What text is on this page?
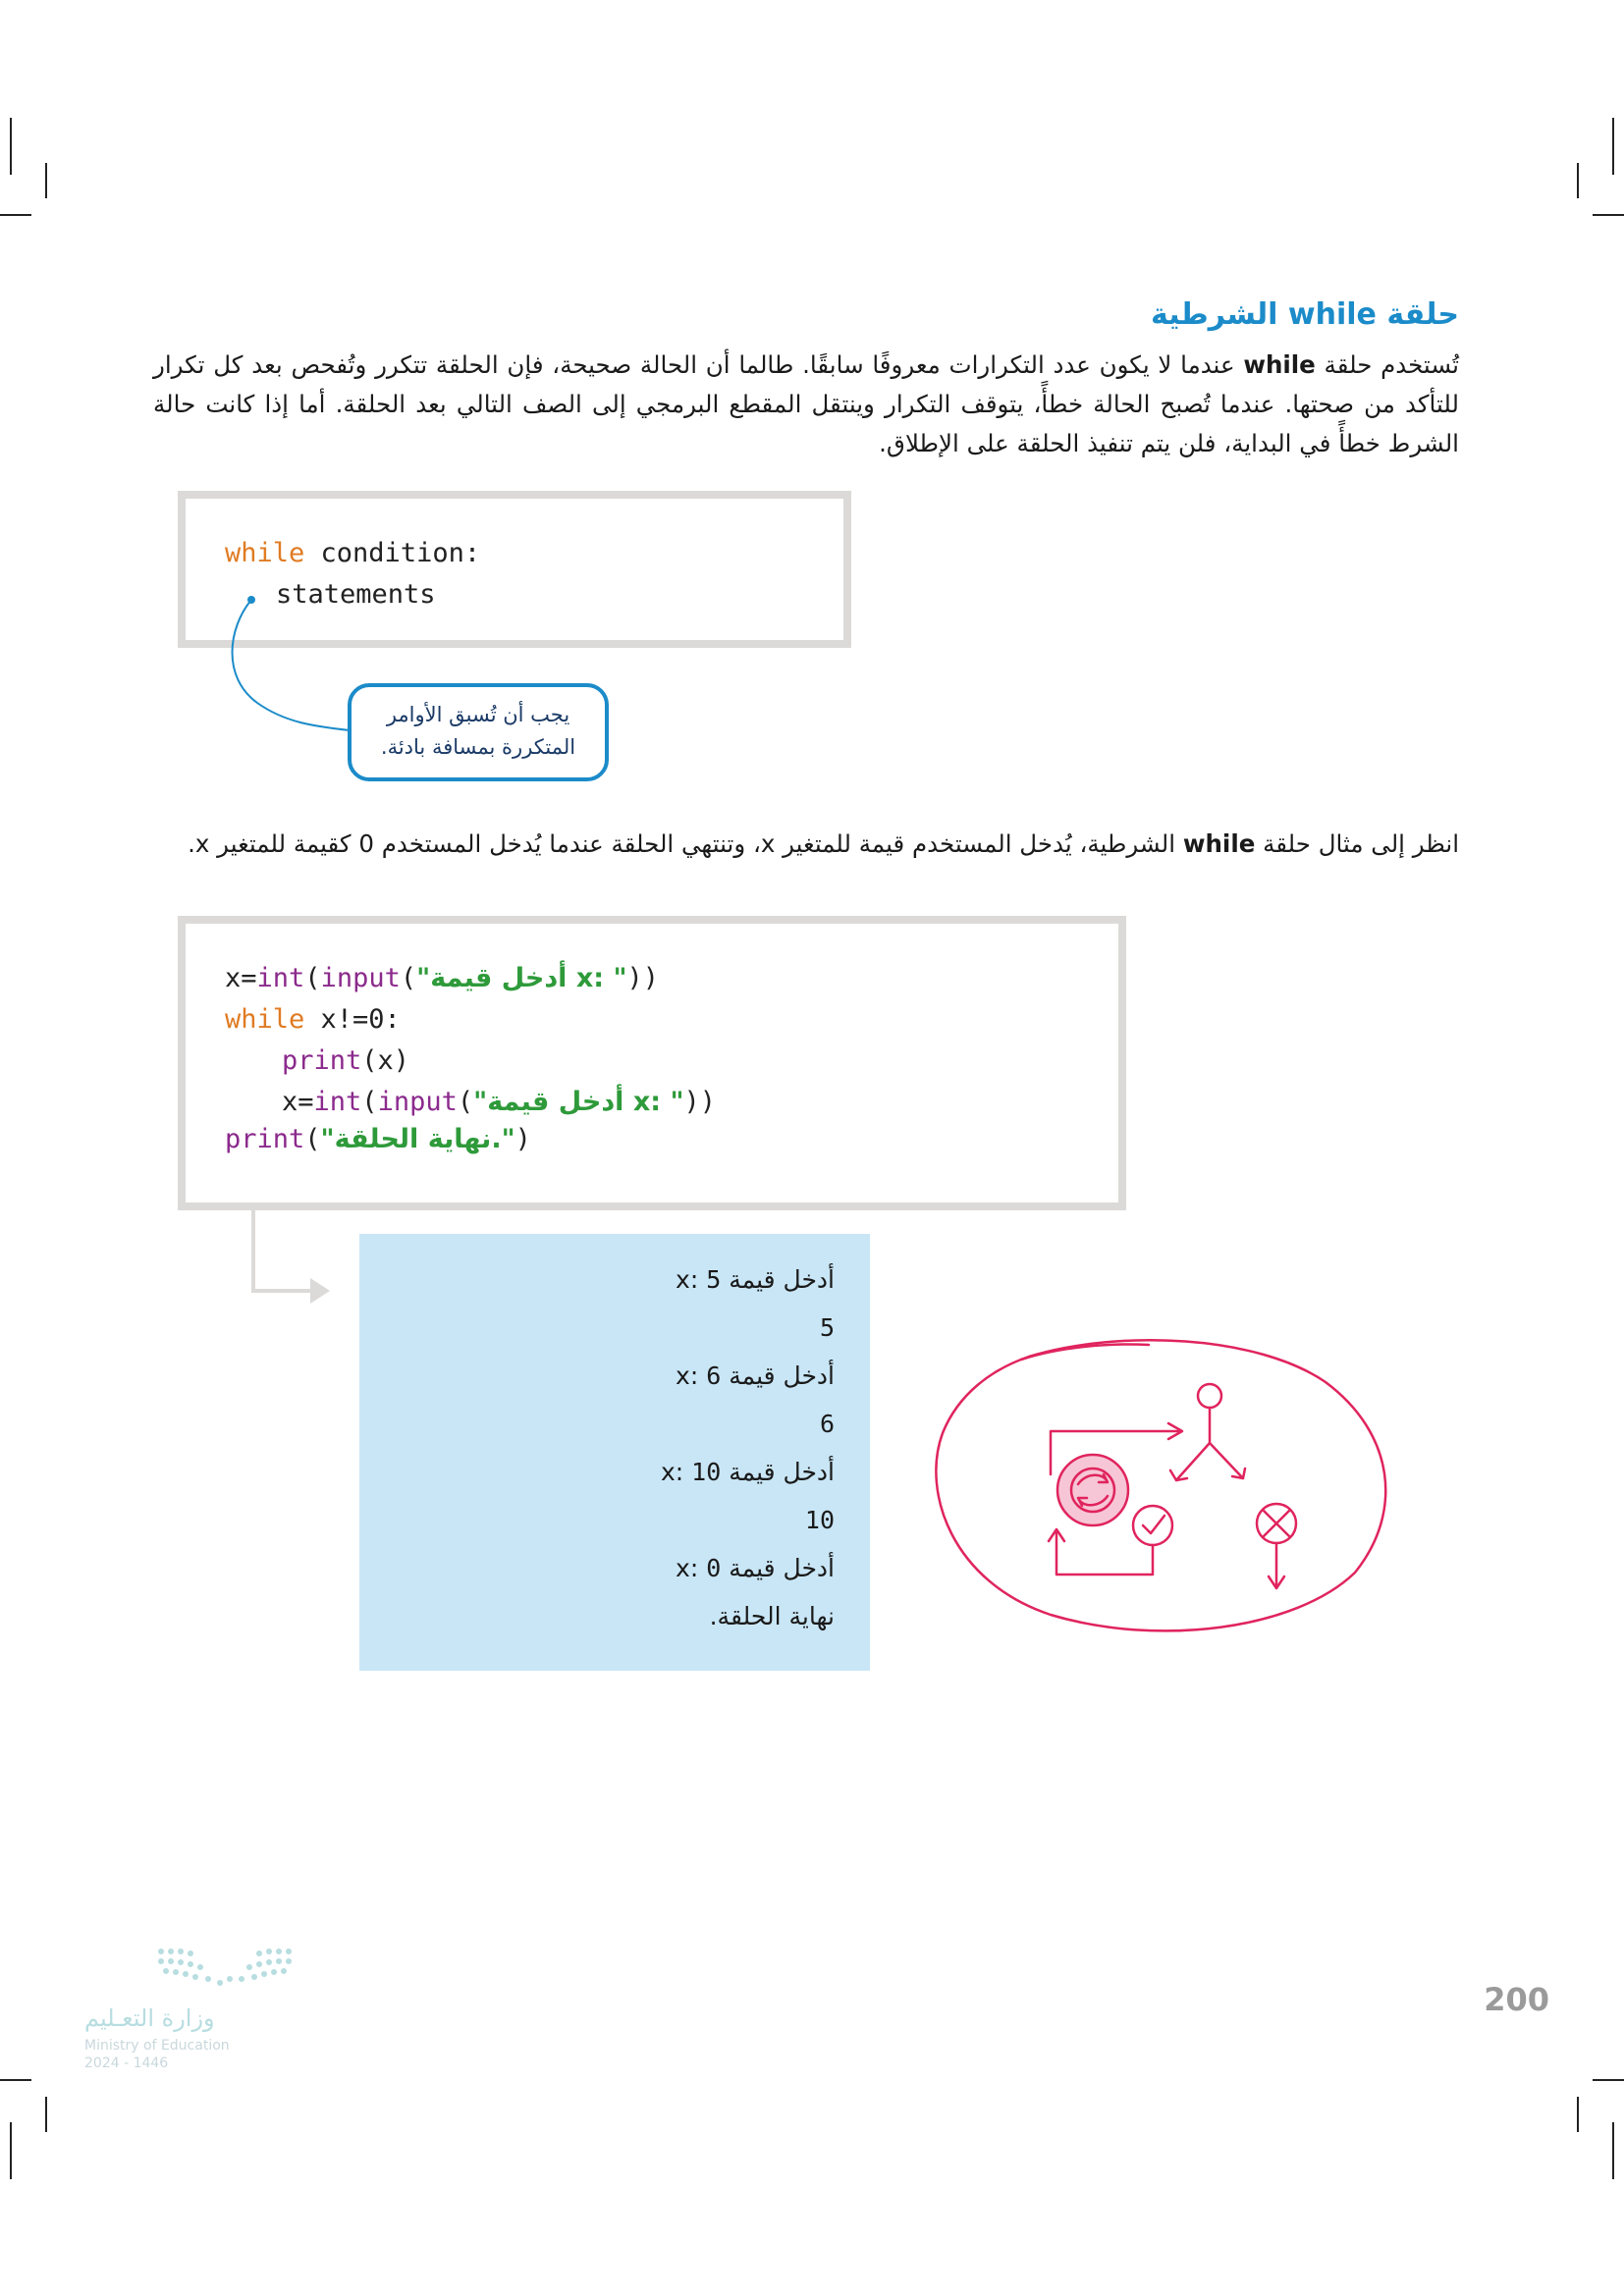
حلقة while الشرطية
تُستخدم حلقة while عندما لا يكون عدد التكرارات معروفًا سابقًا. طالما أن الحالة صحيحة، فإن الحلقة تتكرر وتُفحص بعد كل تكرار للتأكد من صحتها. عندما تُصبح الحالة خطأً، يتوقف التكرار وينتقل المقطع البرمجي إلى الصف التالي بعد الحلقة. أما إذا كانت حالة الشرط خطأً في البداية، فلن يتم تنفيذ الحلقة على الإطلاق.
while condition:
statements
يجب أن تُسبق الأوامر
المتكررة بمسافة بادئة.
انظر إلى مثال حلقة while الشرطية، يُدخل المستخدم قيمة للمتغير x، وتنتهي الحلقة عندما يُدخل المستخدم 0 كقيمة للمتغير x.
x=int(input("أدخل قيمة x: "))
while x!=0:
print(x)
x=int(input("أدخل قيمة x: "))
print("نهاية الحلقة.")
أدخل قيمة x: 5
5
أدخل قيمة x: 6
6
أدخل قيمة x: 10
10
أدخل قيمة x: 0
نهاية الحلقة.
200
وزارة التعـليم
Ministry of Education
2024 - 1446
